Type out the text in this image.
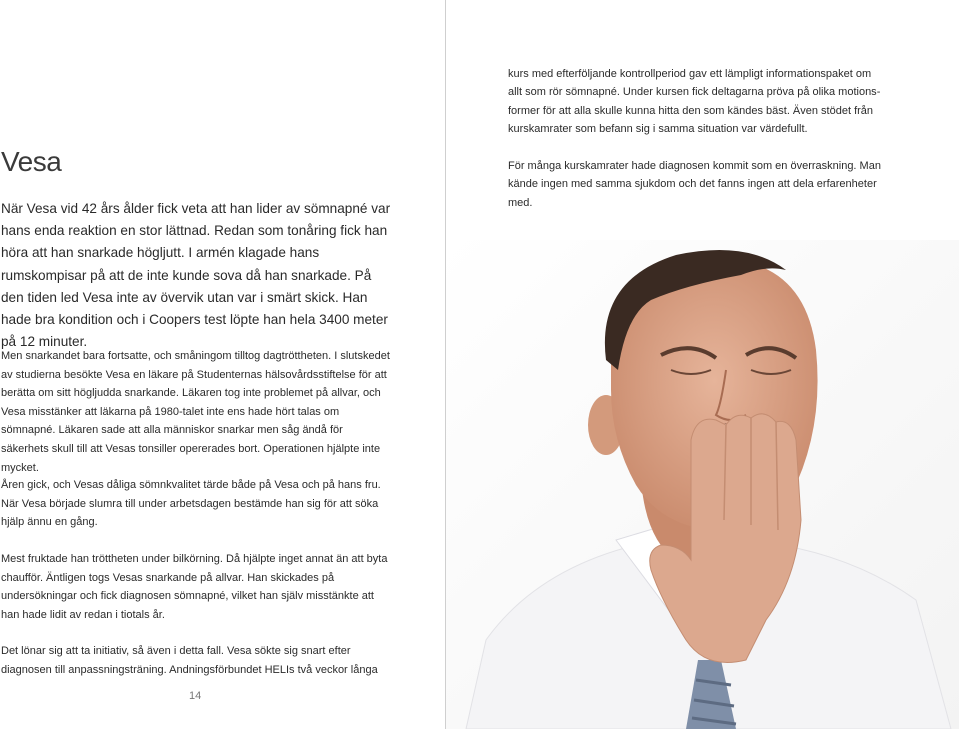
Vesa

När Vesa vid 42 års ålder fick veta att han lider av sömnapné var hans enda reaktion en stor lättnad. Redan som tonåring fick han höra att han snarkade högljutt. I armén klagade hans rumskompisar på att de inte kunde sova då han snarkade. På den tiden led Vesa inte av övervik utan var i smärt skick. Han hade bra kondition och i Coopers test löpte han hela 3400 meter på 12 minuter.

Men snarkandet bara fortsatte, och småningom tilltog dagtröttheten. I slutskedet av studierna besökte Vesa en läkare på Studenternas hälsovårdsstiftelse för att berätta om sitt högljudda snarkande. Läkaren tog inte problemet på allvar, och Vesa misstänker att läkarna på 1980-talet inte ens hade hört talas om sömnapné. Läkaren sade att alla människor snarkar men såg ändå för säkerhets skull till att Vesas tonsiller opererades bort. Operationen hjälpte inte mycket.

Åren gick, och Vesas dåliga sömnkvalitet tärde både på Vesa och på hans fru. När Vesa började slumra till under arbetsdagen bestämde han sig för att söka hjälp ännu en gång.

Mest fruktade han tröttheten under bilkörning. Då hjälpte inget annat än att byta chaufför. Äntligen togs Vesas snarkande på allvar. Han skickades på undersökningar och fick diagnosen sömnapné, vilket han själv misstänkte att han hade lidit av redan i tiotals år.

Det lönar sig att ta initiativ, så även i detta fall. Vesa sökte sig snart efter diagnosen till anpassningsträning. Andningsförbundet HELIs två veckor långa

14

kurs med efterföljande kontrollperiod gav ett lämpligt informationspaket om allt som rör sömnapné. Under kursen fick deltagarna pröva på olika motionsformer för att alla skulle kunna hitta den som kändes bäst. Även stödet från kurskamrater som befann sig i samma situation var värdefullt.

För många kurskamrater hade diagnosen kommit som en överraskning. Man kände ingen med samma sjukdom och det fanns ingen att dela erfarenheter med.
